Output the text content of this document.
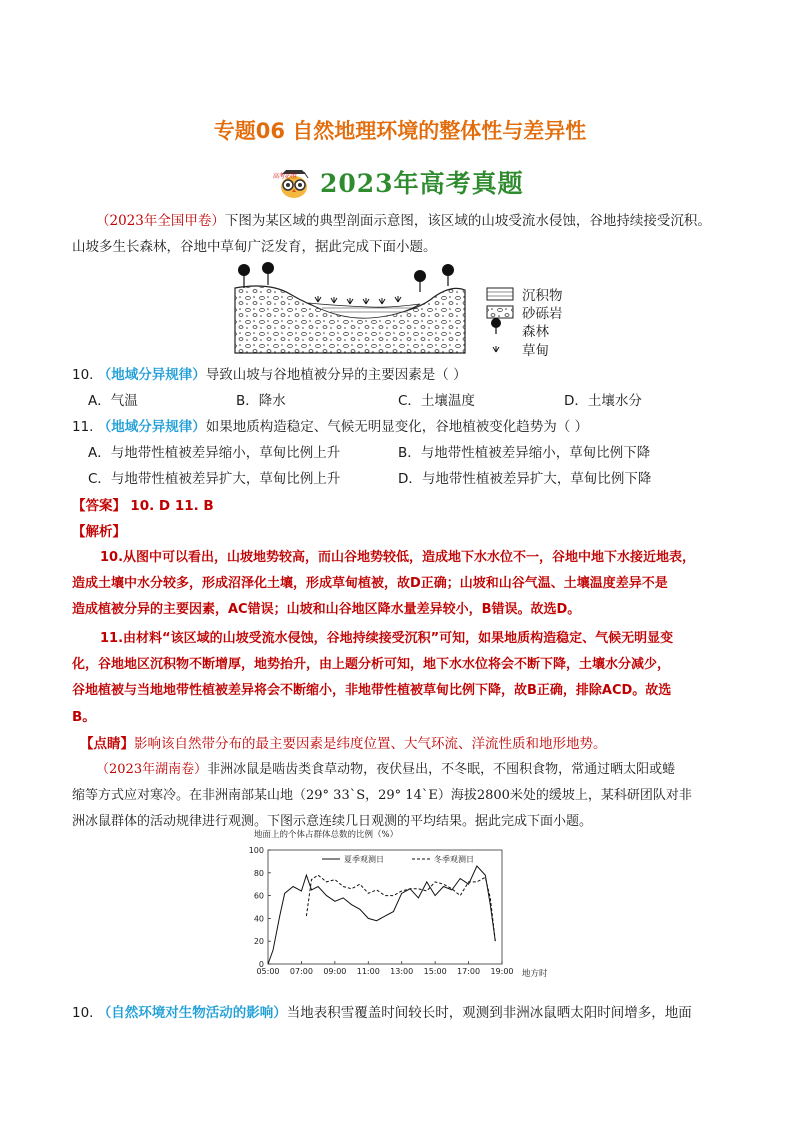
专题06 自然地理环境的整体性与差异性
高考必胜 2023年高考真题
（2023年全国甲卷）下图为某区域的典型剖面示意图，该区域的山坡受流水侵蚀，谷地持续接受沉积。
山坡多生长森林，谷地中草甸广泛发育，据此完成下面小题。
沉积物
砂砾岩
森林
草甸
10. （地域分异规律）导致山坡与谷地植被分异的主要因素是（ ）
A．气温	B．降水	C．土壤温度	D．土壤水分
11. （地域分异规律）如果地质构造稳定、气候无明显变化，谷地植被变化趋势为（ ）
A．与地带性植被差异缩小，草甸比例上升	B．与地带性植被差异缩小，草甸比例下降
C．与地带性植被差异扩大，草甸比例上升	D．与地带性植被差异扩大，草甸比例下降
【答案】 10. D 11. B
【解析】
10.从图中可以看出，山坡地势较高，而山谷地势较低，造成地下水水位不一，谷地中地下水接近地表，
造成土壤中水分较多，形成沼泽化土壤，形成草甸植被，故D正确；山坡和山谷气温、土壤温度差异不是
造成植被分异的主要因素，AC错误；山坡和山谷地区降水量差异较小，B错误。故选D。
11.由材料“该区域的山坡受流水侵蚀，谷地持续接受沉积”可知，如果地质构造稳定、气候无明显变
化，谷地地区沉积物不断增厚，地势抬升，由上题分析可知，地下水水位将会不断下降，土壤水分减少，
谷地植被与当地地带性植被差异将会不断缩小，非地带性植被草甸比例下降，故B正确，排除ACD。故选
B。
【点睛】影响该自然带分布的最主要因素是纬度位置、大气环流、洋流性质和地形地势。
（2023年湖南卷）非洲冰鼠是啮齿类食草动物，夜伏昼出，不冬眠，不囤积食物，常通过晒太阳或蜷
缩等方式应对寒冷。在非洲南部某山地（29° 33`S，29° 14`E）海拔2800米处的缓坡上，某科研团队对非
洲冰鼠群体的活动规律进行观测。下图示意连续几日观测的平均结果。据此完成下面小题。
地面上的个体占群体总数的比例（%）
0
20
40
60
80
100
05:00 07:00 09:00 11:00 13:00 15:00 17:00 19:00 地方时
夏季观测日	冬季观测日
10. （自然环境对生物活动的影响）当地表积雪覆盖时间较长时，观测到非洲冰鼠晒太阳时间增多，地面
